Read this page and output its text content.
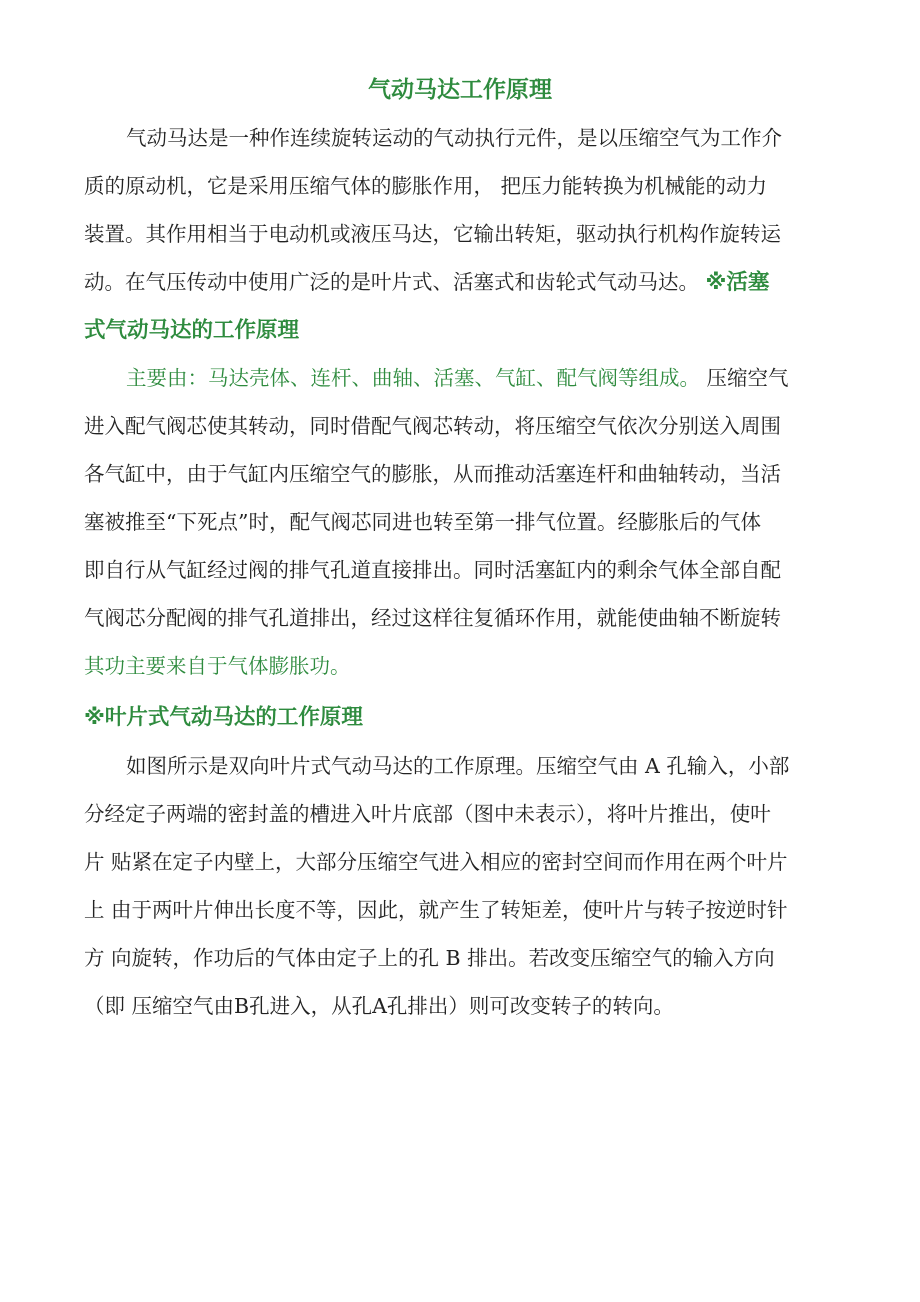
气动马达工作原理
气动马达是一种作连续旋转运动的气动执行元件，是以压缩空气为工作介
质的原动机，它是采用压缩气体的膨胀作用， 把压力能转换为机械能的动力
装置。其作用相当于电动机或液压马达，它输出转矩，驱动执行机构作旋转运
动。在气压传动中使用广泛的是叶片式、活塞式和齿轮式气动马达。 ※活塞
式气动马达的工作原理
主要由：马达壳体、连杆、曲轴、活塞、气缸、配气阀等组成。 压缩空气
进入配气阀芯使其转动，同时借配气阀芯转动，将压缩空气依次分别送入周围
各气缸中，由于气缸内压缩空气的膨胀，从而推动活塞连杆和曲轴转动，当活
塞被推至“下死点”时，配气阀芯同进也转至第一排气位置。经膨胀后的气体
即自行从气缸经过阀的排气孔道直接排出。同时活塞缸内的剩余气体全部自配
气阀芯分配阀的排气孔道排出，经过这样往复循环作用，就能使曲轴不断旋转
其功主要来自于气体膨胀功。
※叶片式气动马达的工作原理
如图所示是双向叶片式气动马达的工作原理。压缩空气由 A 孔输入，小部
分经定子两端的密封盖的槽进入叶片底部（图中未表示），将叶片推出，使叶
片 贴紧在定子内壁上，大部分压缩空气进入相应的密封空间而作用在两个叶片
上 由于两叶片伸出长度不等，因此，就产生了转矩差，使叶片与转子按逆时针
方 向旋转，作功后的气体由定子上的孔 B 排出。若改变压缩空气的输入方向
（即 压缩空气由B孔进入，从孔A孔排出）则可改变转子的转向。
